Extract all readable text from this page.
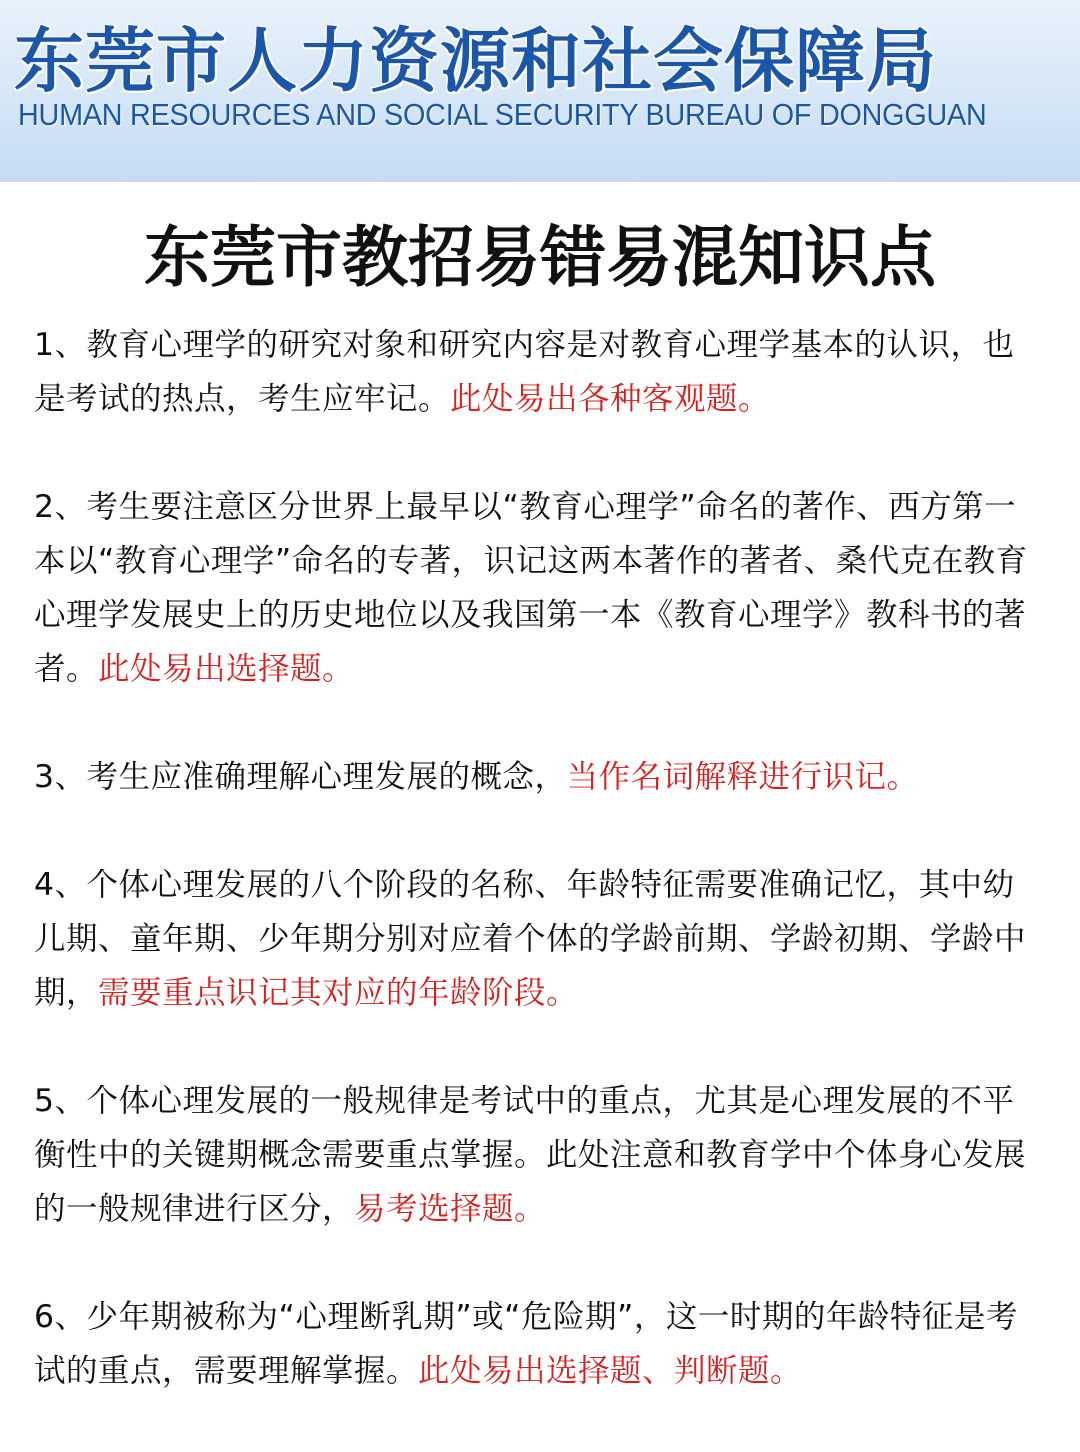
东莞市人力资源和社会保障局
HUMAN RESOURCES AND SOCIAL SECURITY BUREAU OF DONGGUAN
东莞市教招易错易混知识点

1、教育心理学的研究对象和研究内容是对教育心理学基本的认识，也是考试的热点，考生应牢记。此处易出各种客观题。

2、考生要注意区分世界上最早以“教育心理学”命名的著作、西方第一本以“教育心理学”命名的专著，识记这两本著作的著者、桑代克在教育心理学发展史上的历史地位以及我国第一本《教育心理学》教科书的著者。此处易出选择题。

3、考生应准确理解心理发展的概念，当作名词解释进行识记。

4、个体心理发展的八个阶段的名称、年龄特征需要准确记忆，其中幼儿期、童年期、少年期分别对应着个体的学龄前期、学龄初期、学龄中期，需要重点识记其对应的年龄阶段。

5、个体心理发展的一般规律是考试中的重点，尤其是心理发展的不平衡性中的关键期概念需要重点掌握。此处注意和教育学中个体身心发展的一般规律进行区分，易考选择题。

6、少年期被称为“心理断乳期”或“危险期”，这一时期的年龄特征是考试的重点，需要理解掌握。此处易出选择题、判断题。
